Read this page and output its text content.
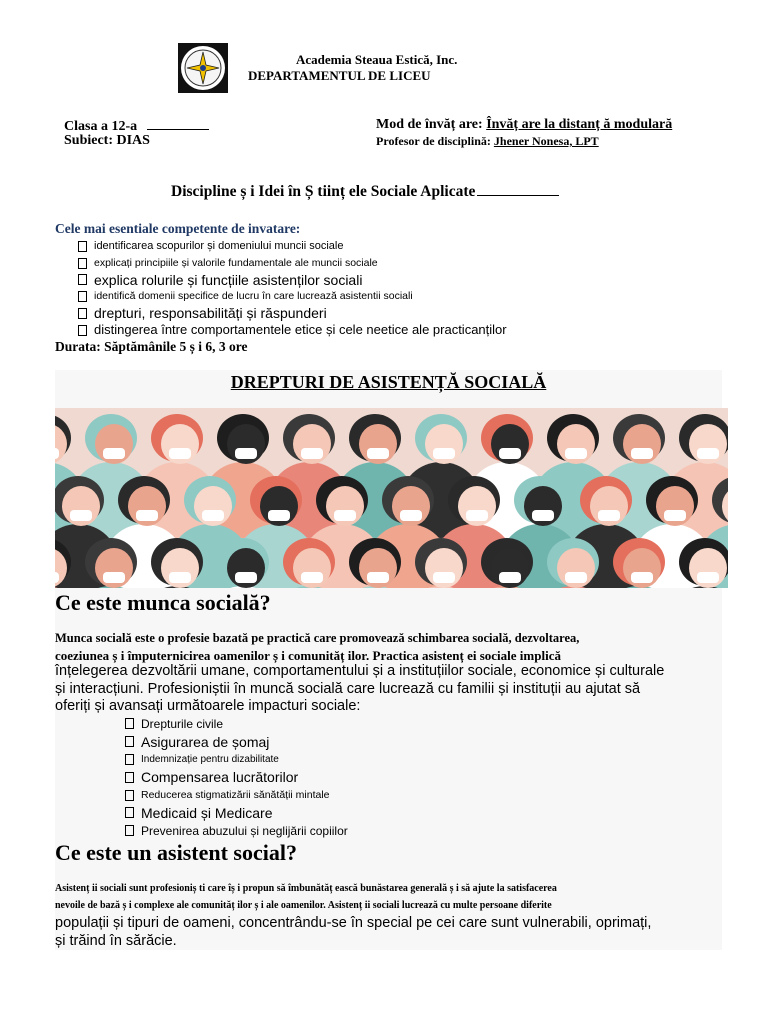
Academia Steaua Estică, Inc.
DEPARTAMENTUL DE LICEU
Clasa a 12-a
Subiect: DIAS
Mod de învăț are: Învăț are la distanț ă modulară
Profesor de disciplină: Jhener Nonesa, LPT
Discipline ș i Idei în Ș tiinț ele Sociale Aplicate
Cele mai esentiale competente de invatare:
identificarea scopurilor și domeniului muncii sociale
explicați principiile și valorile fundamentale ale muncii sociale
explica rolurile și funcțiile asistenților sociali
identifică domenii specifice de lucru în care lucrează asistentii sociali
drepturi, responsabilități și răspunderi
distingerea între comportamentele etice și cele neetice ale practicanților
Durata: Săptămânile 5 ș i 6, 3 ore
DREPTURI DE ASISTENȚĂ SOCIALĂ
Ce este munca socială?
Munca socială este o profesie bazată pe practică care promovează schimbarea socială, dezvoltarea,
coeziunea ș i împuternicirea oamenilor ș i comunităț ilor. Practica asistenț ei sociale implică
înțelegerea dezvoltării umane, comportamentului și a instituțiilor sociale, economice și culturale
și interacțiuni. Profesioniștii în muncă socială care lucrează cu familii și instituții au ajutat să
oferiți și avansați următoarele impacturi sociale:
Drepturile civile
Asigurarea de șomaj
Indemnizație pentru dizabilitate
Compensarea lucrătorilor
Reducerea stigmatizării sănătății mintale
Medicaid și Medicare
Prevenirea abuzului și neglijării copiilor
Ce este un asistent social?
Asistenț ii sociali sunt profesioniș ti care îș i propun să îmbunătăț ească bunăstarea generală ș i să ajute la satisfacerea
nevoile de bază ș i complexe ale comunităț ilor ș i ale oamenilor. Asistenț ii sociali lucrează cu multe persoane diferite
populații și tipuri de oameni, concentrându-se în special pe cei care sunt vulnerabili, oprimați,
și trăind în sărăcie.
